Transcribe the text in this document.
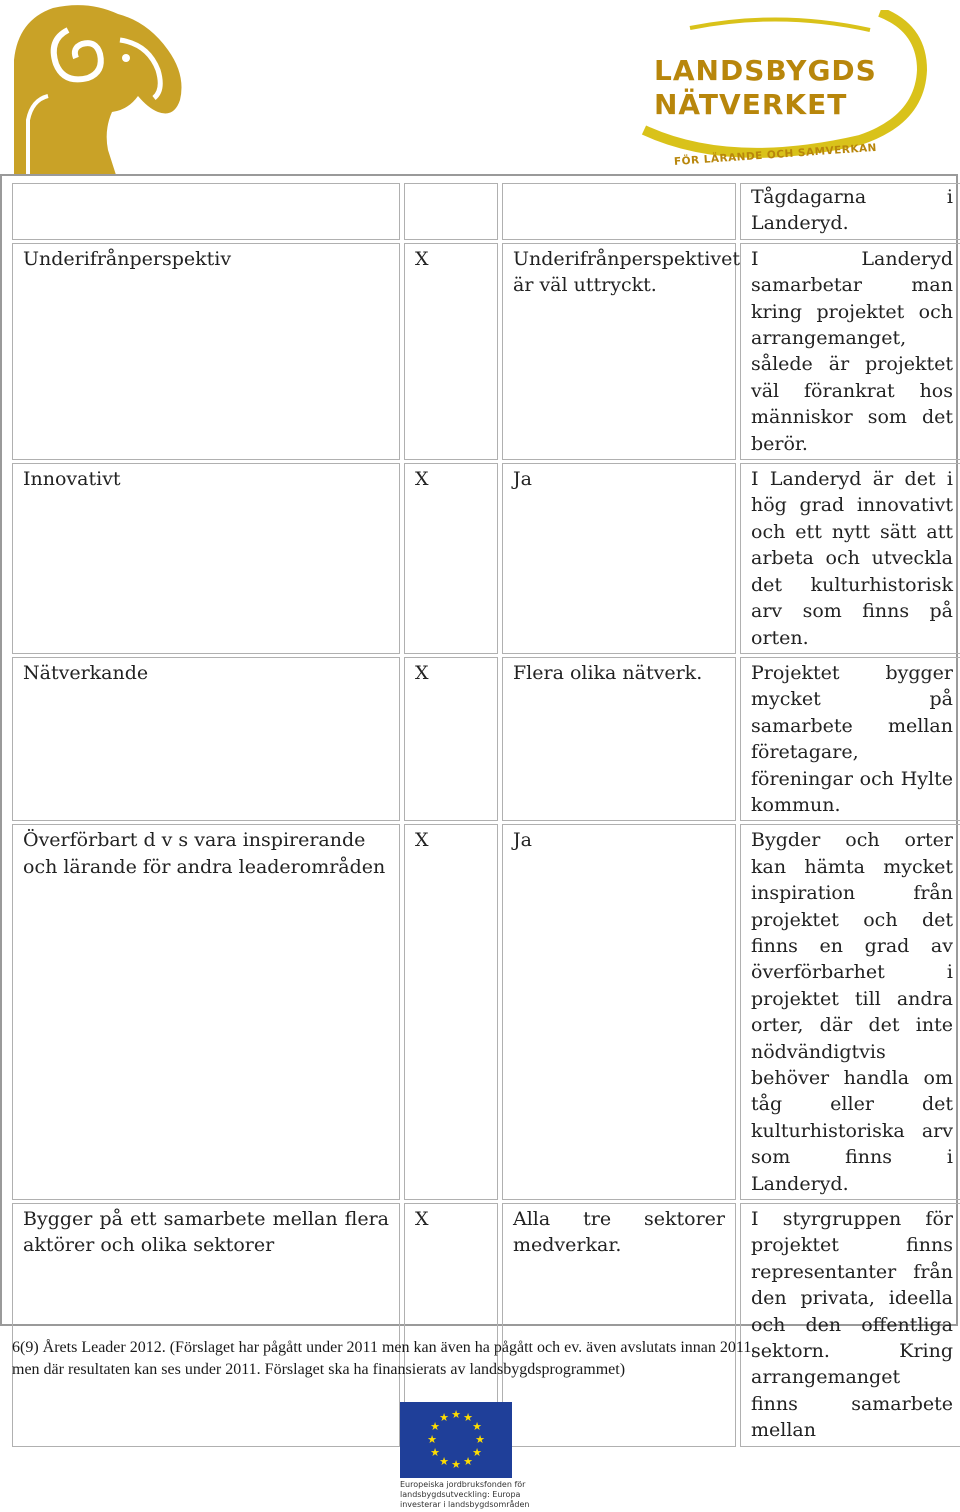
LANDSBYGDS
NÄTVERKET
FÖR LÄRANDE OCH SAMVERKAN
			Tågdagarna i Landeryd.
Underifrånperspektiv	X	Underifrånperspektivet är väl uttryckt.	I Landeryd samarbetar man kring projektet och arrangemanget, sålede är projektet väl förankrat hos människor som det berör.
Innovativt	X	Ja	I Landeryd är det i hög grad innovativt och ett nytt sätt att arbeta och utveckla det kulturhistorisk arv som finns på orten.
Nätverkande	X	Flera olika nätverk.	Projektet bygger mycket på samarbete mellan företagare, föreningar och Hylte kommun.
Överförbart d v s vara inspirerande och lärande för andra leaderområden	X	Ja	Bygder och orter kan hämta mycket inspiration från projektet och det finns en grad av överförbarhet i projektet till andra orter, där det inte nödvändigtvis behöver handla om tåg eller det kulturhistoriska arv som finns i Landeryd.
Bygger på ett samarbete mellan flera aktörer och olika sektorer	X	Alla tre sektorer medverkar.	I styrgruppen för projektet finns representanter från den privata, ideella och den offentliga sektorn. Kring arrangemanget finns samarbete mellan
6(9) Årets Leader 2012. (Förslaget har pågått under 2011 men kan även ha pågått och ev. även avslutats innan 2011,
men där resultaten kan ses under 2011. Förslaget ska ha finansierats av landsbygdsprogrammet)
★ ★
★
★
★
★
★
★
★
★
★
★
Europeiska jordbruksfonden för
landsbygdsutveckling: Europa
investerar i landsbygdsområden
